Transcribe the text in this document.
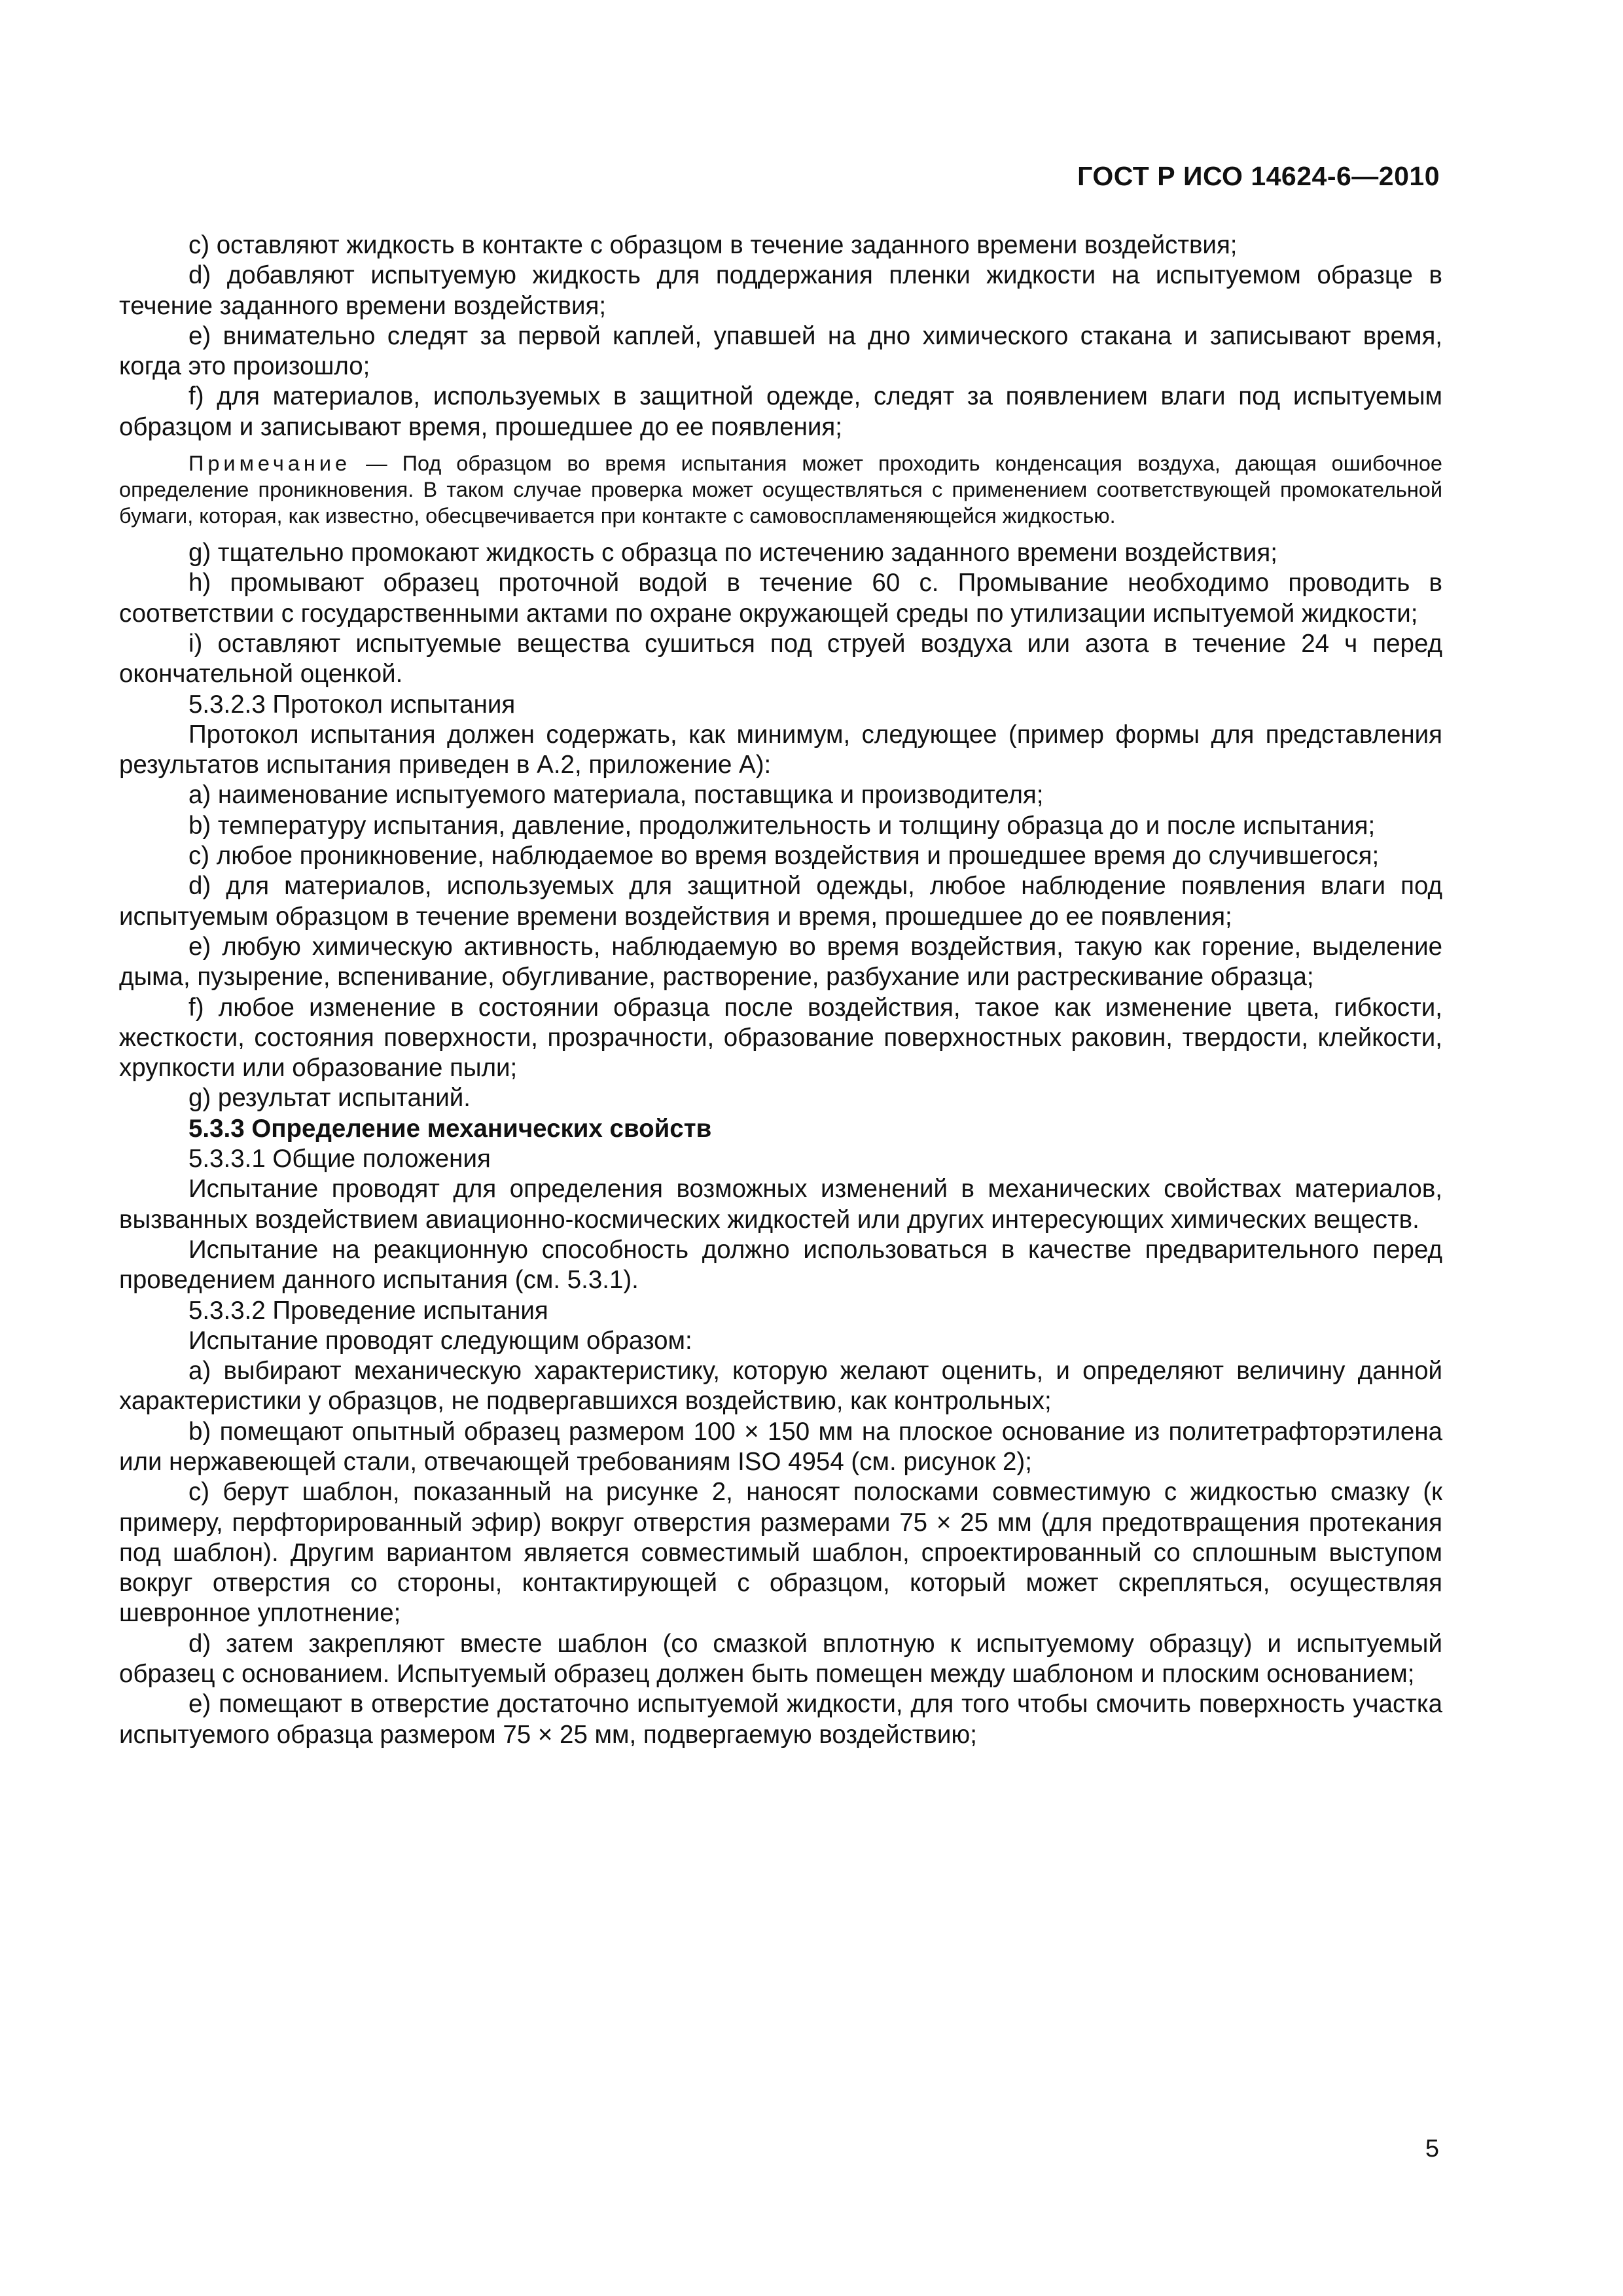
ГОСТ Р ИСО 14624-6—2010

c) оставляют жидкость в контакте с образцом в течение заданного времени воздействия;

d) добавляют испытуемую жидкость для поддержания пленки жидкости на испытуемом образце в течение заданного времени воздействия;

e) внимательно следят за первой каплей, упавшей на дно химического стакана и записывают время, когда это произошло;

f) для материалов, используемых в защитной одежде, следят за появлением влаги под испытуемым образцом и записывают время, прошедшее до ее появления;

Примечание — Под образцом во время испытания может проходить конденсация воздуха, дающая ошибочное определение проникновения. В таком случае проверка может осуществляться с применением соответствующей промокательной бумаги, которая, как известно, обесцвечивается при контакте с самовоспламеняющейся жидкостью.

g) тщательно промокают жидкость с образца по истечению заданного времени воздействия;

h) промывают образец проточной водой в течение 60 с. Промывание необходимо проводить в соответствии с государственными актами по охране окружающей среды по утилизации испытуемой жидкости;

i) оставляют испытуемые вещества сушиться под струей воздуха или азота в течение 24 ч перед окончательной оценкой.

5.3.2.3 Протокол испытания

Протокол испытания должен содержать, как минимум, следующее (пример формы для представления результатов испытания приведен в А.2, приложение А):

a) наименование испытуемого материала, поставщика и производителя;

b) температуру испытания, давление, продолжительность и толщину образца до и после испытания;

c) любое проникновение, наблюдаемое во время воздействия и прошедшее время до случившегося;

d) для материалов, используемых для защитной одежды, любое наблюдение появления влаги под испытуемым образцом в течение времени воздействия и время, прошедшее до ее появления;

e) любую химическую активность, наблюдаемую во время воздействия, такую как горение, выделение дыма, пузырение, вспенивание, обугливание, растворение, разбухание или растрескивание образца;

f) любое изменение в состоянии образца после воздействия, такое как изменение цвета, гибкости, жесткости, состояния поверхности, прозрачности, образование поверхностных раковин, твердости, клейкости, хрупкости или образование пыли;

g) результат испытаний.

5.3.3 Определение механических свойств

5.3.3.1 Общие положения

Испытание проводят для определения возможных изменений в механических свойствах материалов, вызванных воздействием авиационно-космических жидкостей или других интересующих химических веществ.

Испытание на реакционную способность должно использоваться в качестве предварительного перед проведением данного испытания (см. 5.3.1).

5.3.3.2 Проведение испытания

Испытание проводят следующим образом:

a) выбирают механическую характеристику, которую желают оценить, и определяют величину данной характеристики у образцов, не подвергавшихся воздействию, как контрольных;

b) помещают опытный образец размером 100 × 150 мм на плоское основание из политетрафторэтилена или нержавеющей стали, отвечающей требованиям ISO 4954 (см. рисунок 2);

c) берут шаблон, показанный на рисунке 2, наносят полосками совместимую с жидкостью смазку (к примеру, перфторированный эфир) вокруг отверстия размерами 75 × 25 мм (для предотвращения протекания под шаблон). Другим вариантом является совместимый шаблон, спроектированный со сплошным выступом вокруг отверстия со стороны, контактирующей с образцом, который может скрепляться, осуществляя шевронное уплотнение;

d) затем закрепляют вместе шаблон (со смазкой вплотную к испытуемому образцу) и испытуемый образец с основанием. Испытуемый образец должен быть помещен между шаблоном и плоским основанием;

e) помещают в отверстие достаточно испытуемой жидкости, для того чтобы смочить поверхность участка испытуемого образца размером 75 × 25 мм, подвергаемую воздействию;

5
